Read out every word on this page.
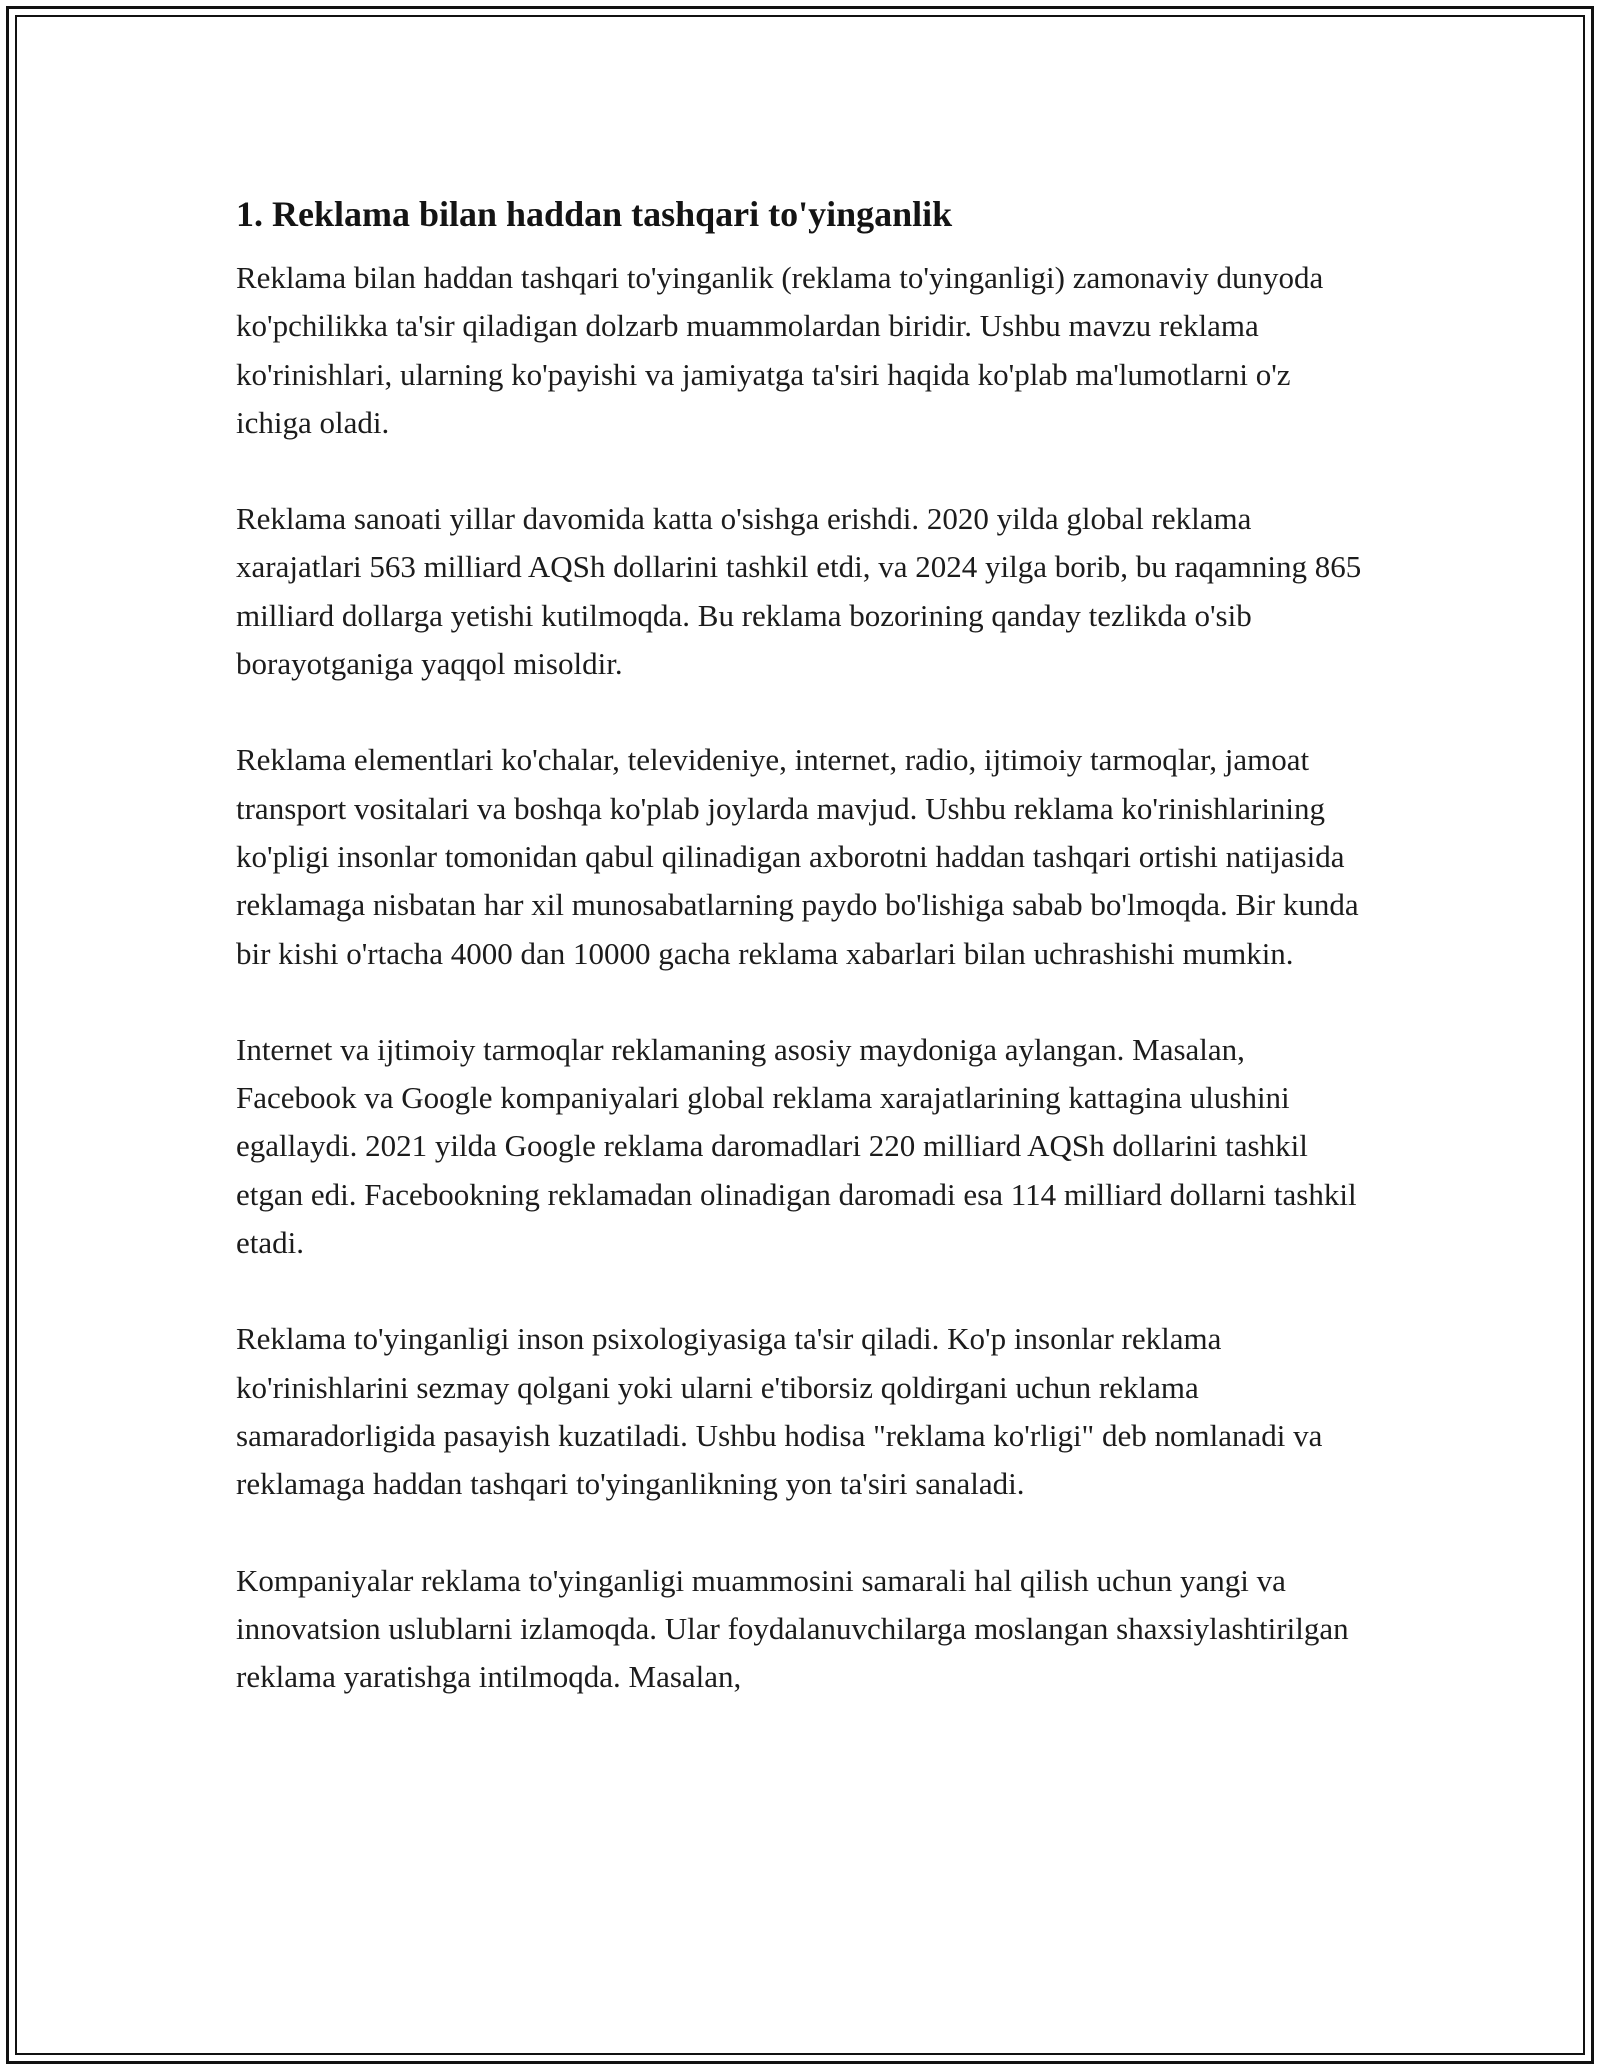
1. Reklama bilan haddan tashqari to'yinganlik

Reklama bilan haddan tashqari to'yinganlik (reklama to'yinganligi) zamonaviy dunyoda ko'pchilikka ta'sir qiladigan dolzarb muammolardan biridir. Ushbu mavzu reklama ko'rinishlari, ularning ko'payishi va jamiyatga ta'siri haqida ko'plab ma'lumotlarni o'z ichiga oladi.

Reklama sanoati yillar davomida katta o'sishga erishdi. 2020 yilda global reklama xarajatlari 563 milliard AQSh dollarini tashkil etdi, va 2024 yilga borib, bu raqamning 865 milliard dollarga yetishi kutilmoqda. Bu reklama bozorining qanday tezlikda o'sib borayotganiga yaqqol misoldir.

Reklama elementlari ko'chalar, televideniye, internet, radio, ijtimoiy tarmoqlar, jamoat transport vositalari va boshqa ko'plab joylarda mavjud. Ushbu reklama ko'rinishlarining ko'pligi insonlar tomonidan qabul qilinadigan axborotni haddan tashqari ortishi natijasida reklamaga nisbatan har xil munosabatlarning paydo bo'lishiga sabab bo'lmoqda. Bir kunda bir kishi o'rtacha 4000 dan 10000 gacha reklama xabarlari bilan uchrashishi mumkin.

Internet va ijtimoiy tarmoqlar reklamaning asosiy maydoniga aylangan. Masalan, Facebook va Google kompaniyalari global reklama xarajatlarining kattagina ulushini egallaydi. 2021 yilda Google reklama daromadlari 220 milliard AQSh dollarini tashkil etgan edi. Facebookning reklamadan olinadigan daromadi esa 114 milliard dollarni tashkil etadi.

Reklama to'yinganligi inson psixologiyasiga ta'sir qiladi. Ko'p insonlar reklama ko'rinishlarini sezmay qolgani yoki ularni e'tiborsiz qoldirgani uchun reklama samaradorligida pasayish kuzatiladi. Ushbu hodisa "reklama ko'rligi" deb nomlanadi va reklamaga haddan tashqari to'yinganlikning yon ta'siri sanaladi.

Kompaniyalar reklama to'yinganligi muammosini samarali hal qilish uchun yangi va innovatsion uslublarni izlamoqda. Ular foydalanuvchilarga moslangan shaxsiylashtirilgan reklama yaratishga intilmoqda. Masalan,
